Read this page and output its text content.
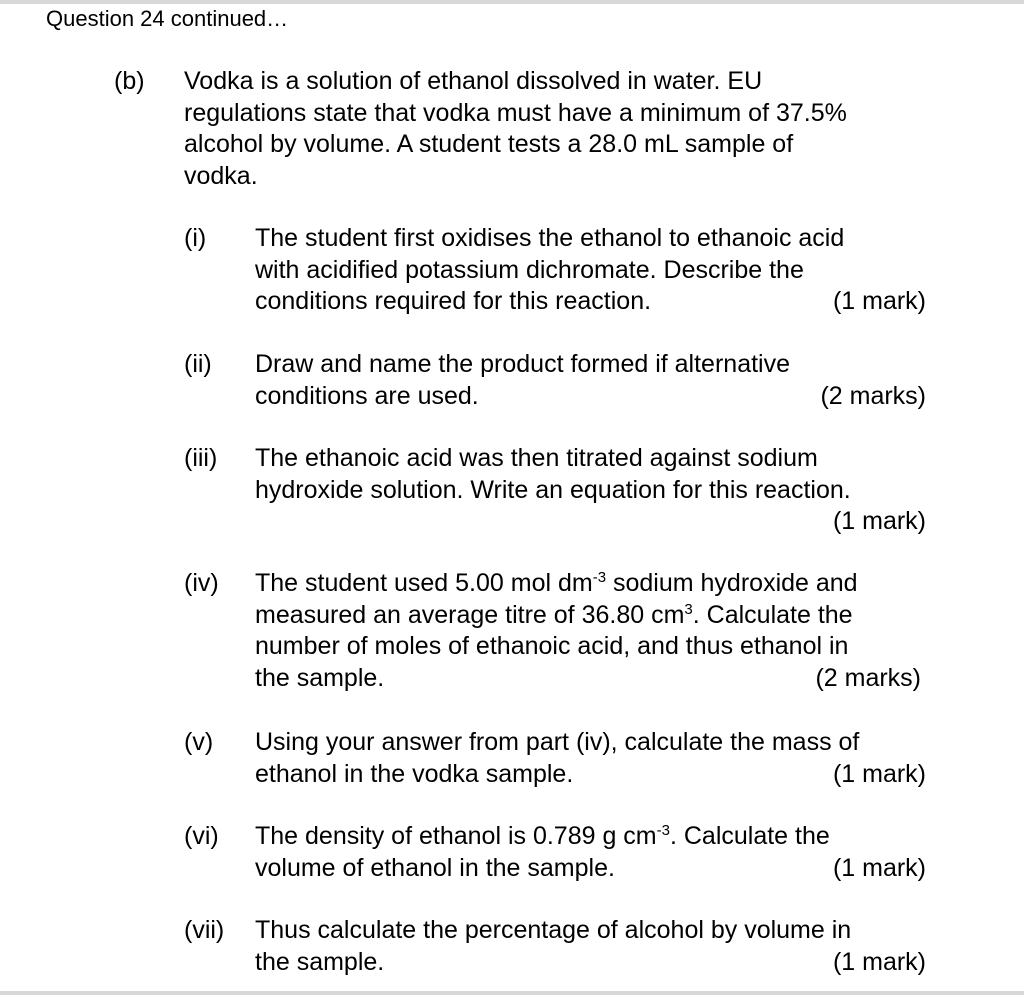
Question 24 continued…
(b) Vodka is a solution of ethanol dissolved in water. EU
regulations state that vodka must have a minimum of 37.5%
alcohol by volume. A student tests a 28.0 mL sample of
vodka.
(i) The student first oxidises the ethanol to ethanoic acid
with acidified potassium dichromate. Describe the
conditions required for this reaction.	(1 mark)
(ii) Draw and name the product formed if alternative
conditions are used.	(2 marks)
(iii) The ethanoic acid was then titrated against sodium
hydroxide solution. Write an equation for this reaction.
(1 mark)
(iv) The student used 5.00 mol $dm^{-3}$ sodium hydroxide and
measured an average titre of 36.80 $cm^3$. Calculate the
number of moles of ethanoic acid, and thus ethanol in
the sample.	(2 marks)
(v) Using your answer from part (iv), calculate the mass of
ethanol in the vodka sample.	(1 mark)
(vi) The density of ethanol is 0.789 g $cm^{-3}$. Calculate the
volume of ethanol in the sample.	(1 mark)
(vii) Thus calculate the percentage of alcohol by volume in
the sample.	(1 mark)
